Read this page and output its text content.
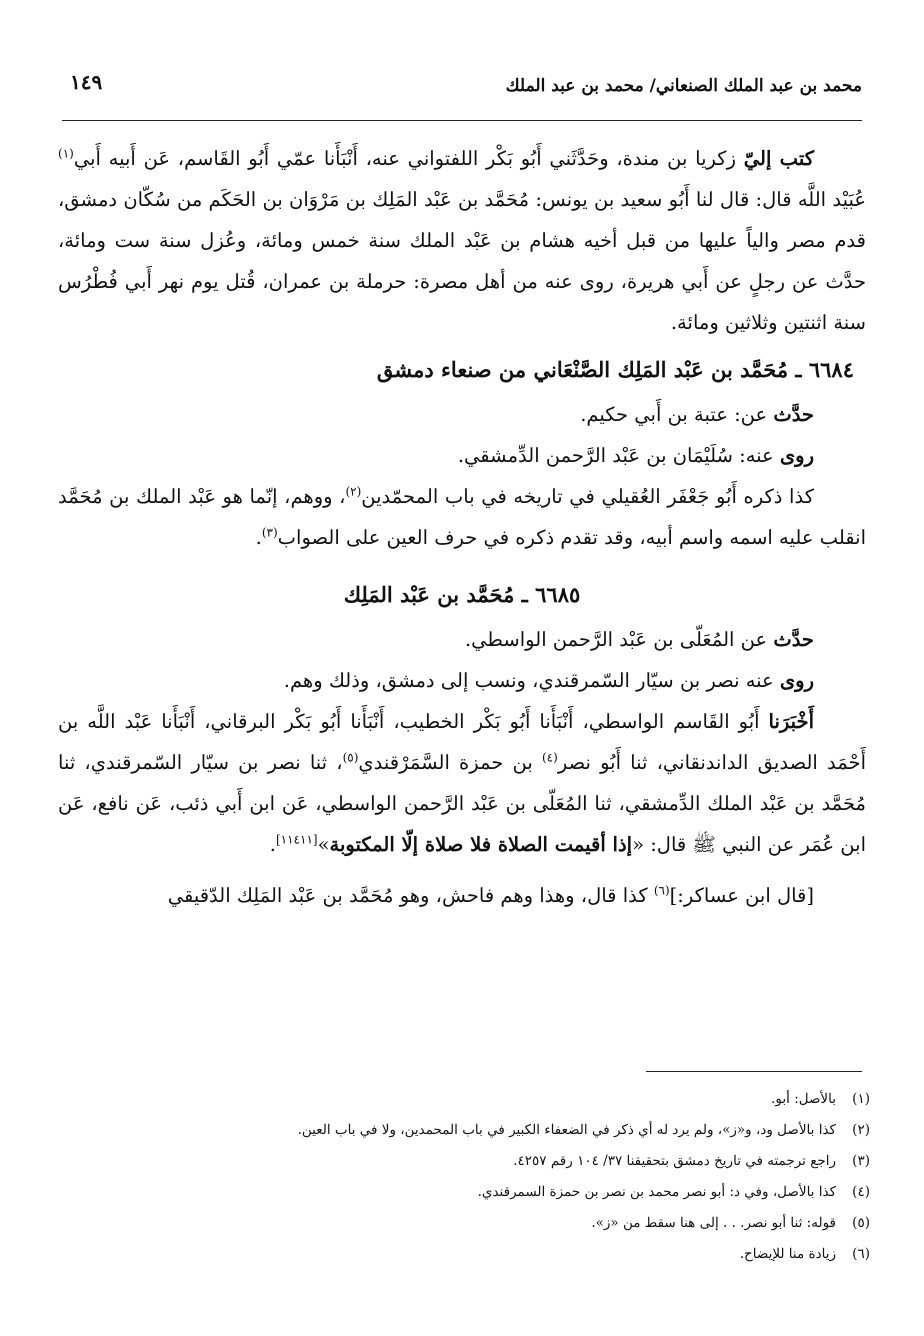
محمد بن عبد الملك الصنعاني/ محمد بن عبد الملك
١٤٩

كتب إليّ زكريا بن مندة، وحَدَّثَني أَبُو بَكْر اللفتواني عنه، أَنْبَأَنا عمّي أَبُو القَاسم، عَن أَبيه أَبي$^{(١)}$ عُبَيْد اللَّه قال: قال لنا أَبُو سعيد بن يونس: مُحَمَّد بن عَبْد المَلِك بن مَرْوَان بن الحَكَم من سُكّان دمشق، قدم مصر والياً عليها من قبل أخيه هشام بن عَبْد الملك سنة خمس ومائة، وعُزل سنة ست ومائة، حدَّث عن رجلٍ عن أَبي هريرة، روى عنه من أهل مصرة: حرملة بن عمران، قُتل يوم نهر أَبي فُطْرُس سنة اثنتين وثلاثين ومائة.

٦٦٨٤ ـ مُحَمَّد بن عَبْد المَلِك الصَّنْعَاني من صنعاء دمشق

حدَّث عن: عتبة بن أَبي حكيم.

روى عنه: سُلَيْمَان بن عَبْد الرَّحمن الدِّمشقي.

كذا ذكره أَبُو جَعْفَر العُقيلي في تاريخه في باب المحمّدين$^{(٢)}$، ووهم، إنّما هو عَبْد الملك بن مُحَمَّد انقلب عليه اسمه واسم أبيه، وقد تقدم ذكره في حرف العين على الصواب$^{(٣)}$.

٦٦٨٥ ـ مُحَمَّد بن عَبْد المَلِك

حدَّث عن المُعَلّى بن عَبْد الرَّحمن الواسطي.

روى عنه نصر بن سيّار السّمرقندي، ونسب إلى دمشق، وذلك وهم.

أَخْبَرَنا أَبُو القَاسم الواسطي، أَنْبَأَنا أَبُو بَكْر الخطيب، أَنْبَأَنا أَبُو بَكْر البرقاني، أَنْبَأَنا عَبْد اللَّه بن أَحْمَد الصديق الداندنقاني، ثنا أَبُو نصر$^{(٤)}$ بن حمزة السَّمَرْقندي$^{(٥)}$، ثنا نصر بن سيّار السّمرقندي، ثنا مُحَمَّد بن عَبْد الملك الدِّمشقي، ثنا المُعَلّى بن عَبْد الرَّحمن الواسطي، عَن ابن أَبي ذئب، عَن نافع، عَن ابن عُمَر عن النبي ﷺ قال: «إذا أقيمت الصلاة فلا صلاة إلّا المكتوبة»[١١٤١١].

[قال ابن عساكر:]$^{(٦)}$ كذا قال، وهذا وهم فاحش، وهو مُحَمَّد بن عَبْد المَلِك الدّقيقي

(١)بالأصل: أبو.
(٢)كذا بالأصل ود، و«ز»، ولم يرد له أي ذكر في الضعفاء الكبير في باب المحمدين، ولا في باب العين.
(٣)راجع ترجمته في تاريخ دمشق بتحقيقنا ٣٧/ ١٠٤ رقم ٤٢٥٧.
(٤)كذا بالأصل، وفي د: أبو نصر محمد بن نصر بن حمزة السمرقندي.
(٥)قوله: ثنا أبو نصر. . . إلى هنا سقط من «ز».
(٦)زيادة منا للإيضاح.
